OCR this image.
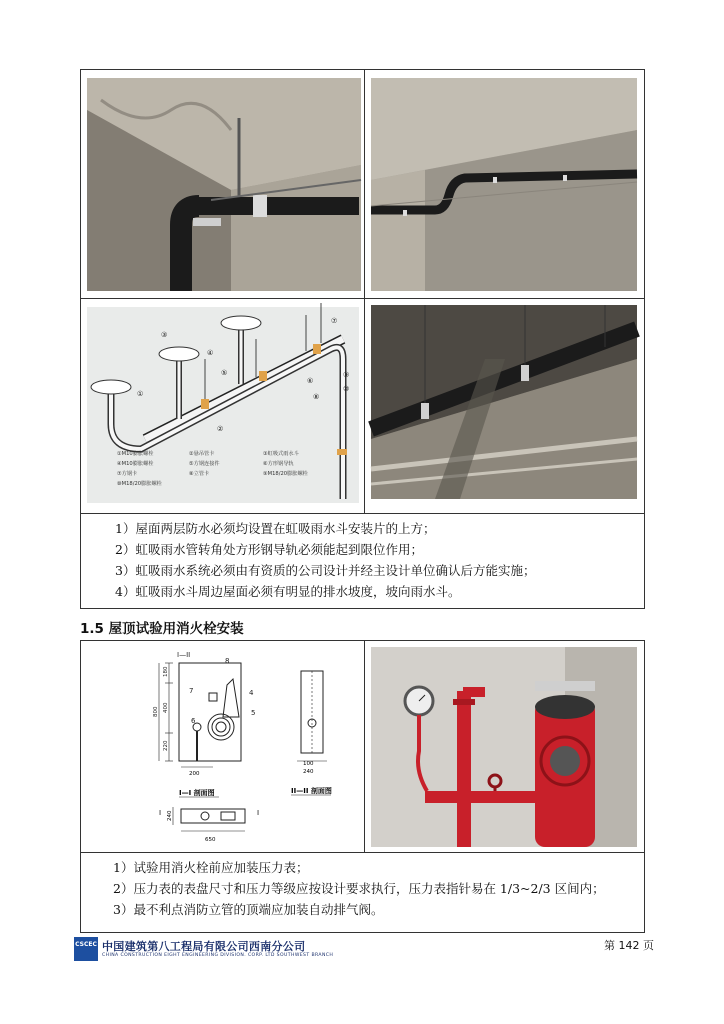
①
②
③
④
⑤
⑥
⑦
⑧
⑨
⑩
①M10膨胀螺栓	②悬吊管卡	③虹吸式雨水斗
④M10膨胀螺栓	⑤方钢连接件	⑥方形钢导轨
⑦方钢卡	⑧立管卡	⑨M18/20膨胀螺栓
⑩M18/20膨胀螺栓

1）屋面两层防水必须均设置在虹吸雨水斗安装片的上方；

2）虹吸雨水管转角处方形钢导轨必须能起到限位作用；

3）虹吸雨水系统必须由有资质的公司设计并经主设计单位确认后方能实施；

4）虹吸雨水斗周边屋面必须有明显的排水坡度，坡向雨水斗。

1.5 屋顶试验用消火栓安装
I—II
8
4
5
7
6
180
400
220
800
200
I—I 剖面图
240
I	I
650
100
240
II—II 剖面图

1）试验用消火栓前应加装压力表；

2）压力表的表盘尺寸和压力等级应按设计要求执行，压力表指针易在 1/3~2/3 区间内；

3）最不利点消防立管的顶端应加装自动排气阀。

CSCEC 中国建筑第八工程局有限公司西南分公司
CHINA CONSTRUCTION EIGHT ENGINEERING DIVISION. CORP. LTD SOUTHWEST BRANCH
第 142 页
